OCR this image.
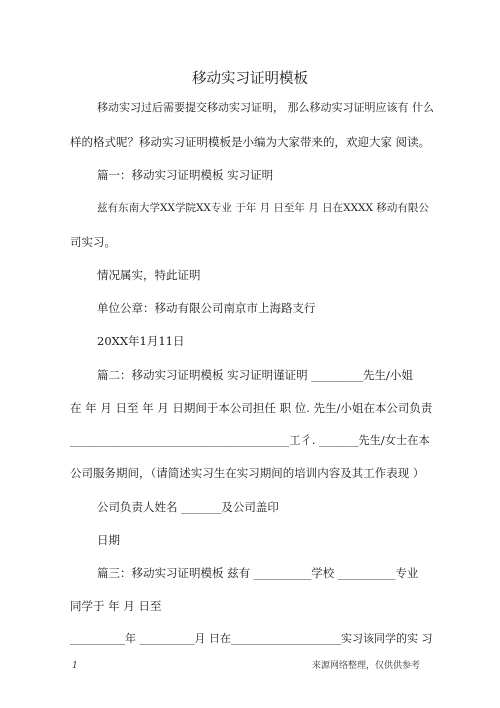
移动实习证明模板
移动实习过后需要提交移动实习证明， 那么移动实习证明应该有 什么
样的格式呢？移动实习证明模板是小编为大家带来的，欢迎大家 阅读。
篇一：移动实习证明模板 实习证明
兹有东南大学XX学院XX专业 于年 月 日至年 月 日在XXXX 移动有限公
司实习。
情况属实，特此证明
单位公章：移动有限公司南京市上海路支行
20XX年1月11日
篇二：移动实习证明模板 实习证明谨证明 _________先生/小姐
在 年 月 日至 年 月 日期间于本公司担任 职 位. 先生/小姐在本公司负责
_______________________________________工彳. _______先生/女士在本
公司服务期间，（请简述实习生在实习期间的培训内容及其工作表现 ）
公司负责人姓名 _______及公司盖印
日期
篇三：移动实习证明模板 兹有 __________学校 __________专业
同学于 年 月 日至
__________年 __________月 日在____________________实习该同学的实 习
1	来源网络整理，仅供供参考
